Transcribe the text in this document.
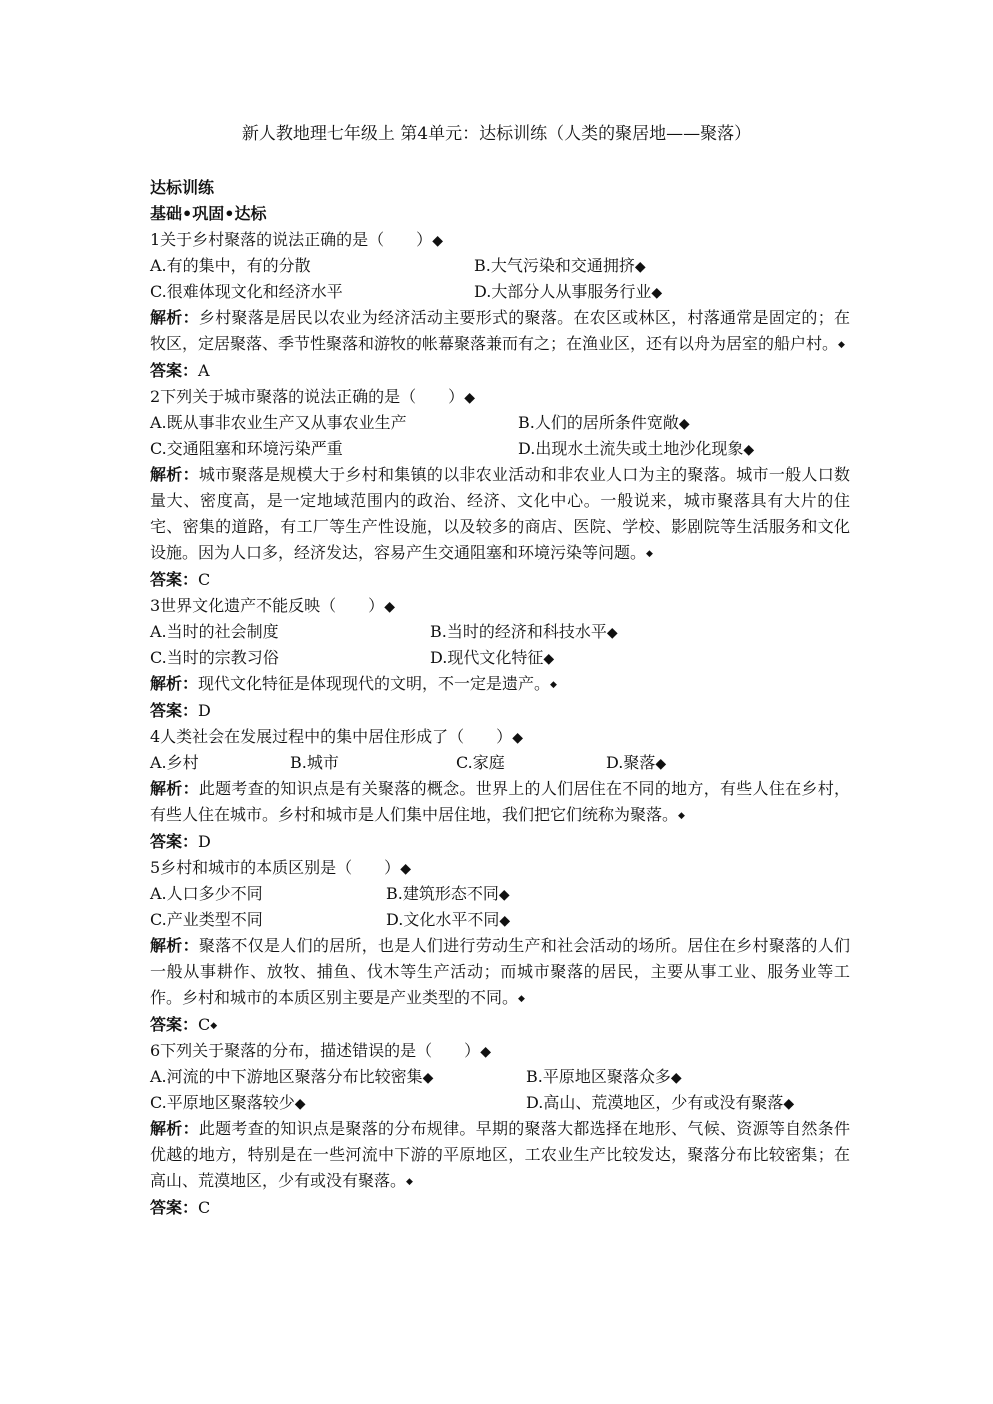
新人教地理七年级上 第4单元：达标训练（人类的聚居地——聚落）
达标训练
基础•巩固•达标
1关于乡村聚落的说法正确的是（　　）◆
A.有的集中，有的分散	B.大气污染和交通拥挤◆
C.很难体现文化和经济水平	D.大部分人从事服务行业◆
解析：乡村聚落是居民以农业为经济活动主要形式的聚落。在农区或林区，村落通常是固定的；在牧区，定居聚落、季节性聚落和游牧的帐幕聚落兼而有之；在渔业区，还有以舟为居室的船户村。◆
答案：A
2下列关于城市聚落的说法正确的是（　　）◆
A.既从事非农业生产又从事农业生产	B.人们的居所条件宽敞◆
C.交通阻塞和环境污染严重	D.出现水土流失或土地沙化现象◆
解析：城市聚落是规模大于乡村和集镇的以非农业活动和非农业人口为主的聚落。城市一般人口数量大、密度高，是一定地域范围内的政治、经济、文化中心。一般说来，城市聚落具有大片的住宅、密集的道路，有工厂等生产性设施，以及较多的商店、医院、学校、影剧院等生活服务和文化设施。因为人口多，经济发达，容易产生交通阻塞和环境污染等问题。◆
答案：C
3世界文化遗产不能反映（　　）◆
A.当时的社会制度	B.当时的经济和科技水平◆
C.当时的宗教习俗	D.现代文化特征◆
解析：现代文化特征是体现现代的文明，不一定是遗产。◆
答案：D
4人类社会在发展过程中的集中居住形成了（　　）◆
A.乡村	B.城市	C.家庭	D.聚落◆
解析：此题考查的知识点是有关聚落的概念。世界上的人们居住在不同的地方，有些人住在乡村，有些人住在城市。乡村和城市是人们集中居住地，我们把它们统称为聚落。◆
答案：D
5乡村和城市的本质区别是（　　）◆
A.人口多少不同	B.建筑形态不同◆
C.产业类型不同	D.文化水平不同◆
解析：聚落不仅是人们的居所，也是人们进行劳动生产和社会活动的场所。居住在乡村聚落的人们一般从事耕作、放牧、捕鱼、伐木等生产活动；而城市聚落的居民，主要从事工业、服务业等工作。乡村和城市的本质区别主要是产业类型的不同。◆
答案：C◆
6下列关于聚落的分布，描述错误的是（　　）◆
A.河流的中下游地区聚落分布比较密集◆	B.平原地区聚落众多◆
C.平原地区聚落较少◆	D.高山、荒漠地区，少有或没有聚落◆
解析：此题考查的知识点是聚落的分布规律。早期的聚落大都选择在地形、气候、资源等自然条件优越的地方，特别是在一些河流中下游的平原地区，工农业生产比较发达，聚落分布比较密集；在高山、荒漠地区，少有或没有聚落。◆
答案：C
